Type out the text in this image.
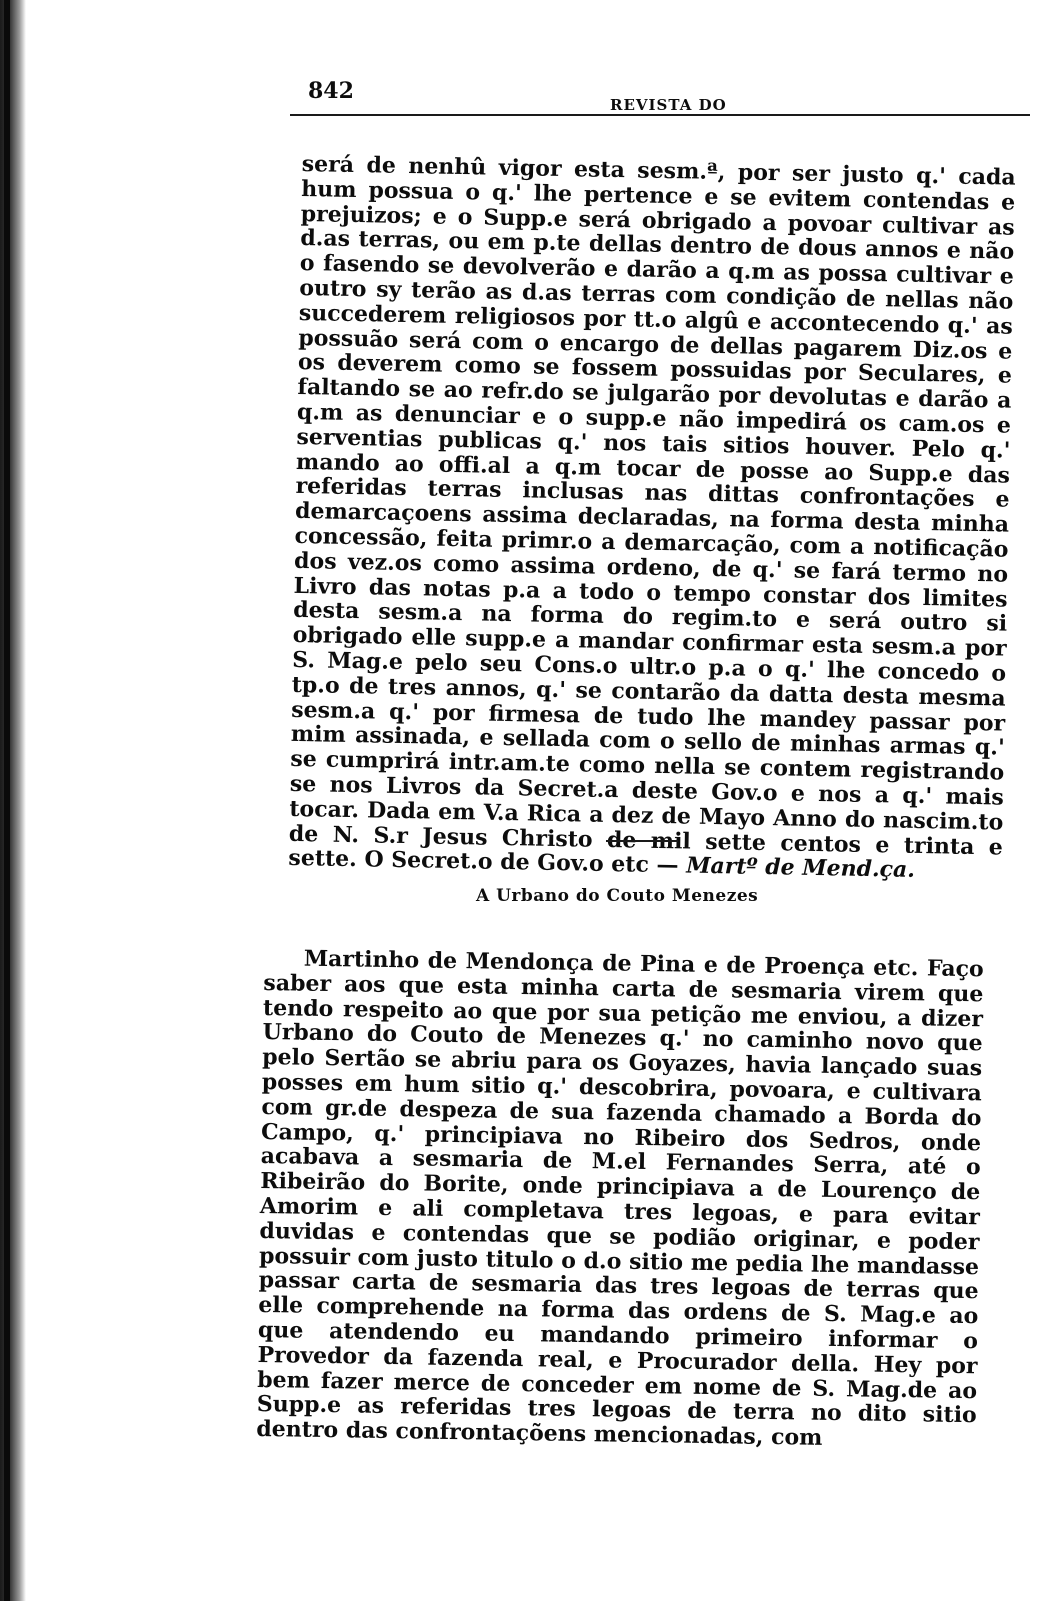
842
REVISTA DO

será de nenhû vigor esta sesm.ª, por ser justo q.' cada hum possua o q.' lhe pertence e se evitem contendas e prejuizos; e o Supp.e será obrigado a povoar cultivar as d.as terras, ou em p.te dellas dentro de dous annos e não o fasendo se devolverão e darão a q.m as possa cultivar e outro sy terão as d.as terras com condição de nellas não succederem religiosos por tt.o algû e accontecendo q.' as possuão será com o encargo de dellas pagarem Diz.os e os deverem como se fossem possuidas por Seculares, e faltando se ao refr.do se julgarão por devolutas e darão a q.m as denunciar e o supp.e não impedirá os cam.os e serventias publicas q.' nos tais sitios houver. Pelo q.' mando ao offi.al a q.m tocar de posse ao Supp.e das referidas terras inclusas nas dittas confrontações e demarcaçoens assima declaradas, na forma desta minha concessão, feita primr.o a demarcação, com a notificação dos vez.os como assima ordeno, de q.' se fará termo no Livro das notas p.a a todo o tempo constar dos limites desta sesm.a na forma do regim.to e será outro si obrigado elle supp.e a mandar confirmar esta sesm.a por S. Mag.e pelo seu Cons.o ultr.o p.a o q.' lhe concedo o tp.o de tres annos, q.' se contarão da datta desta mesma sesm.a q.' por firmesa de tudo lhe mandey passar por mim assinada, e sellada com o sello de minhas armas q.' se cumprirá intr.am.te como nella se contem registrando se nos Livros da Secret.a deste Gov.o e nos a q.' mais tocar. Dada em V.a Rica a dez de Mayo Anno do nascim.to de N. S.r Jesus Christo de mil sette centos e trinta e sette. O Secret.o de Gov.o etc — Martº de Mend.ça.

A Urbano do Couto Menezes

Martinho de Mendonça de Pina e de Proença etc. Faço saber aos que esta minha carta de sesmaria virem que tendo respeito ao que por sua petição me enviou, a dizer Urbano do Couto de Menezes q.' no caminho novo que pelo Sertão se abriu para os Goyazes, havia lançado suas posses em hum sitio q.' descobrira, povoara, e cultivara com gr.de despeza de sua fazenda chamado a Borda do Campo, q.' principiava no Ribeiro dos Sedros, onde acabava a sesmaria de M.el Fernandes Serra, até o Ribeirão do Borite, onde principiava a de Lourenço de Amorim e ali completava tres legoas, e para evitar duvidas e contendas que se podião originar, e poder possuir com justo titulo o d.o sitio me pedia lhe mandasse passar carta de sesmaria das tres legoas de terras que elle comprehende na forma das ordens de S. Mag.e ao que atendendo eu mandando primeiro informar o Provedor da fazenda real, e Procurador della. Hey por bem fazer merce de conceder em nome de S. Mag.de ao Supp.e as referidas tres legoas de terra no dito sitio dentro das confrontaçõens mencionadas, com
